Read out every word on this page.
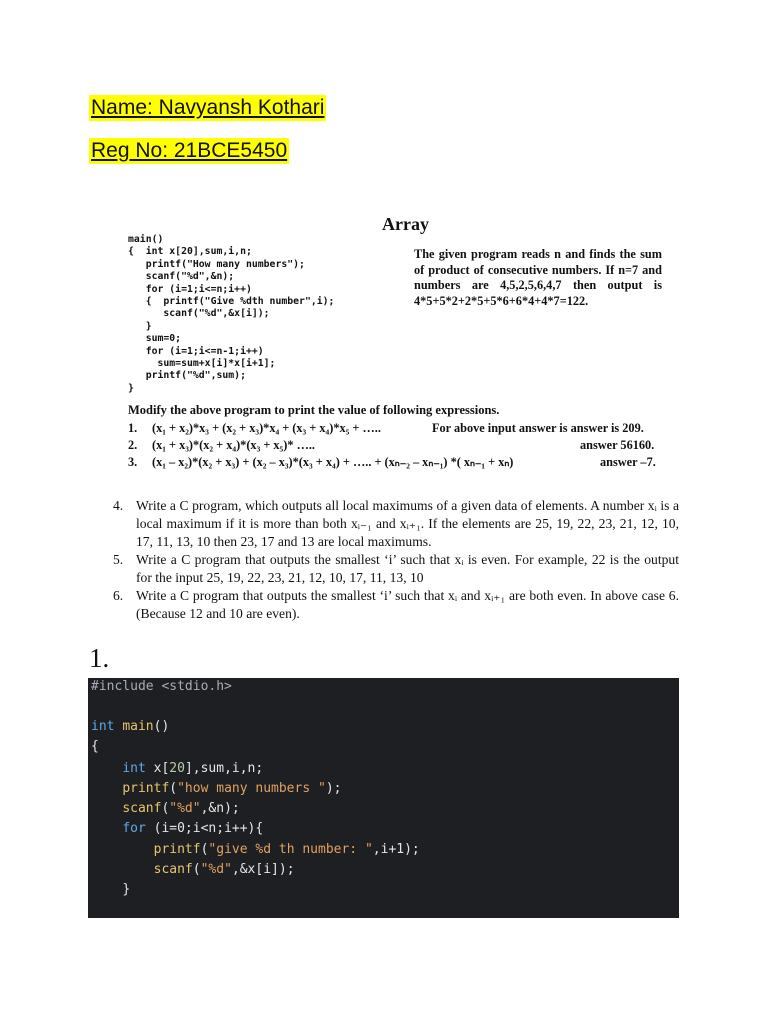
Name: Navyansh Kothari
Reg No: 21BCE5450
Array
main()
{  int x[20],sum,i,n;
printf("How many numbers");
scanf("%d",&n);
for (i=1;i<=n;i++)
{  printf("Give %dth number",i);
scanf("%d",&x[i]);
}
sum=0;
for (i=1;i<=n-1;i++)
sum=sum+x[i]*x[i+1];
printf("%d",sum);
}
The given program reads n and finds the sum of product of consecutive numbers. If n=7 and numbers are 4,5,2,5,6,4,7 then output is 4*5+5*2+2*5+5*6+6*4+4*7=122.
Modify the above program to print the value of following expressions.
1. (x₁ + x₂)*x₃ + (x₂ + x₃)*x₄ + (x₃ + x₄)*x₅ + …..	For above input answer is answer is 209.
2. (x₁ + x₃)*(x₂ + x₄)*(x₃ + x₅)* …..	answer 56160.
3. (x₁ – x₂)*(x₂ + x₃) + (x₂ – x₃)*(x₃ + x₄) + ….. + (xₙ₋₂ – xₙ₋₁) *( xₙ₋₁ + xₙ)	answer –7.
4. Write a C program, which outputs all local maximums of a given data of elements. A number xᵢ is a local maximum if it is more than both xᵢ₋₁ and xᵢ₊₁. If the elements are 25, 19, 22, 23, 21, 12, 10, 17, 11, 13, 10 then 23, 17 and 13 are local maximums.
5. Write a C program that outputs the smallest ‘i’ such that xᵢ is even. For example, 22 is the output for the input 25, 19, 22, 23, 21, 12, 10, 17, 11, 13, 10
6. Write a C program that outputs the smallest ‘i’ such that xᵢ and xᵢ₊₁ are both even. In above case 6. (Because 12 and 10 are even).
1.
#include <stdio.h>
int main()
{
int x[20],sum,i,n;
printf("how many numbers ");
scanf("%d",&n);
for (i=0;i<n;i++){
printf("give %d th number: ",i+1);
scanf("%d",&x[i]);
}
